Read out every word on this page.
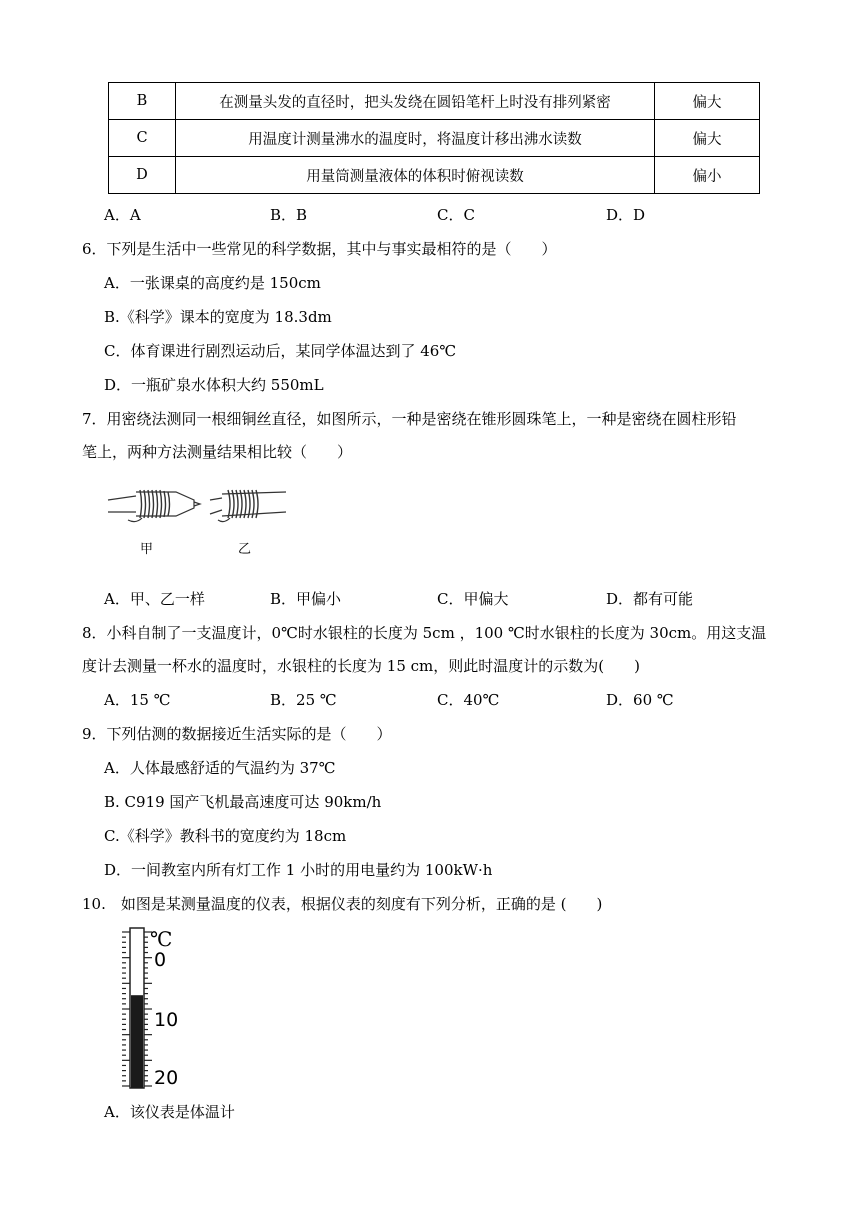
B	在测量头发的直径时，把头发绕在圆铅笔杆上时没有排列紧密	偏大
C	用温度计测量沸水的温度时，将温度计移出沸水读数	偏大
D	用量筒测量液体的体积时俯视读数	偏小
A．A	B．B	C．C	D．D
6．下列是生活中一些常见的科学数据，其中与事实最相符的是（　　）
A．一张课桌的高度约是 150cm
B.《科学》课本的宽度为 18.3dm
C．体育课进行剧烈运动后，某同学体温达到了 46℃
D．一瓶矿泉水体积大约 550mL
7．用密绕法测同一根细铜丝直径，如图所示，一种是密绕在锥形圆珠笔上，一种是密绕在圆柱形铅
笔上，两种方法测量结果相比较（　　）
甲	乙
A．甲、乙一样	B．甲偏小	C．甲偏大	D．都有可能
8．小科自制了一支温度计，0℃时水银柱的长度为 5cm ，100 ℃时水银柱的长度为 30cm。用这支温
度计去测量一杯水的温度时，水银柱的长度为 15 cm，则此时温度计的示数为(　　)
A．15 ℃	B．25 ℃	C．40℃	D．60 ℃
9．下列估测的数据接近生活实际的是（　　）
A．人体最感舒适的气温约为 37℃
B. C919 国产飞机最高速度可达 90km/h
C.《科学》教科书的宽度约为 18cm
D．一间教室内所有灯工作 1 小时的用电量约为 100kW·h
10.　如图是某测量温度的仪表，根据仪表的刻度有下列分析，正确的是 (　　)
℃
0
10
20
A．该仪表是体温计
